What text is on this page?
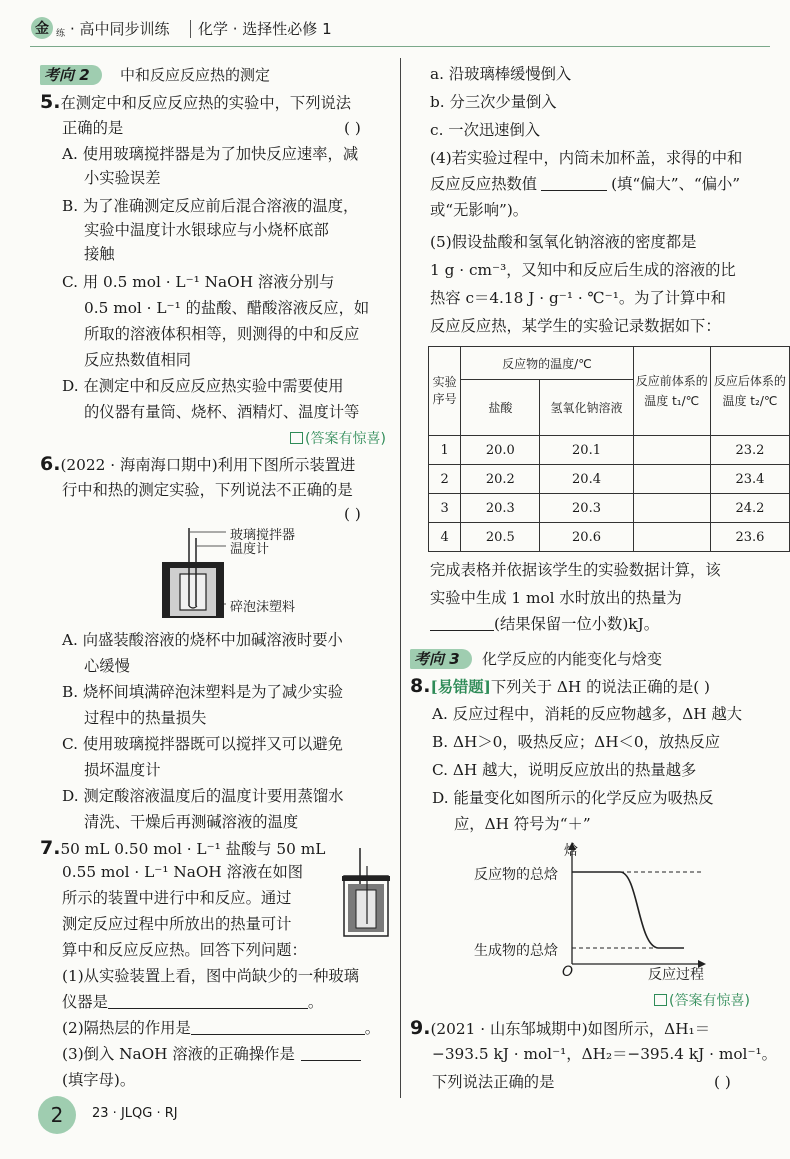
金 练 · 高中同步训练 化学 · 选择性必修 1
考向 2 中和反应反应热的测定
5.在测定中和反应反应热的实验中，下列说法
正确的是	( )
A. 使用玻璃搅拌器是为了加快反应速率，减
小实验误差
B. 为了准确测定反应前后混合溶液的温度，
实验中温度计水银球应与小烧杯底部
接触
C. 用 0.5 mol · L⁻¹ NaOH 溶液分别与
0.5 mol · L⁻¹ 的盐酸、醋酸溶液反应，如
所取的溶液体积相等，则测得的中和反应
反应热数值相同
D. 在测定中和反应反应热实验中需要使用
的仪器有量筒、烧杯、酒精灯、温度计等
(答案有惊喜)
6.(2022 · 海南海口期中)利用下图所示装置进
行中和热的测定实验，下列说法不正确的是
( )
玻璃搅拌器
温度计
碎泡沫塑料
A. 向盛装酸溶液的烧杯中加碱溶液时要小
心缓慢
B. 烧杯间填满碎泡沫塑料是为了减少实验
过程中的热量损失
C. 使用玻璃搅拌器既可以搅拌又可以避免
损坏温度计
D. 测定酸溶液温度后的温度计要用蒸馏水
清洗、干燥后再测碱溶液的温度
7.50 mL 0.50 mol · L⁻¹ 盐酸与 50 mL
0.55 mol · L⁻¹ NaOH 溶液在如图
所示的装置中进行中和反应。通过
测定反应过程中所放出的热量可计
算中和反应反应热。回答下列问题：
(1)从实验装置上看，图中尚缺少的一种玻璃
仪器是	。
(2)隔热层的作用是	。
(3)倒入 NaOH 溶液的正确操作是
(填字母)。
a. 沿玻璃棒缓慢倒入
b. 分三次少量倒入
c. 一次迅速倒入
(4)若实验过程中，内筒未加杯盖，求得的中和
反应反应热数值	(填“偏大”、“偏小”
或“无影响”)。
(5)假设盐酸和氢氧化钠溶液的密度都是
1 g · cm⁻³，又知中和反应后生成的溶液的比
热容 c＝4.18 J · g⁻¹ · ℃⁻¹。为了计算中和
反应反应热，某学生的实验记录数据如下：
实验序号	反应物的温度/℃		反应前体系的温度 t₁/℃	反应后体系的温度 t₂/℃
	盐酸	氢氧化钠溶液		
1	20.0	20.1		23.2
2	20.2	20.4		23.4
3	20.3	20.3		24.2
4	20.5	20.6		23.6
完成表格并依据该学生的实验数据计算，该
实验中生成 1 mol 水时放出的热量为
(结果保留一位小数)kJ。
考向 3 化学反应的内能变化与焓变
8.[易错题]下列关于 ΔH 的说法正确的是( )
A. 反应过程中，消耗的反应物越多，ΔH 越大
B. ΔH＞0，吸热反应；ΔH＜0，放热反应
C. ΔH 越大，说明反应放出的热量越多
D. 能量变化如图所示的化学反应为吸热反
应，ΔH 符号为“＋”
焓
反应物的总焓
生成物的总焓
O	反应过程
(答案有惊喜)
9.(2021 · 山东邹城期中)如图所示，ΔH₁＝
−393.5 kJ · mol⁻¹，ΔH₂＝−395.4 kJ · mol⁻¹。
下列说法正确的是	( )
2	23 · JLQG · RJ
